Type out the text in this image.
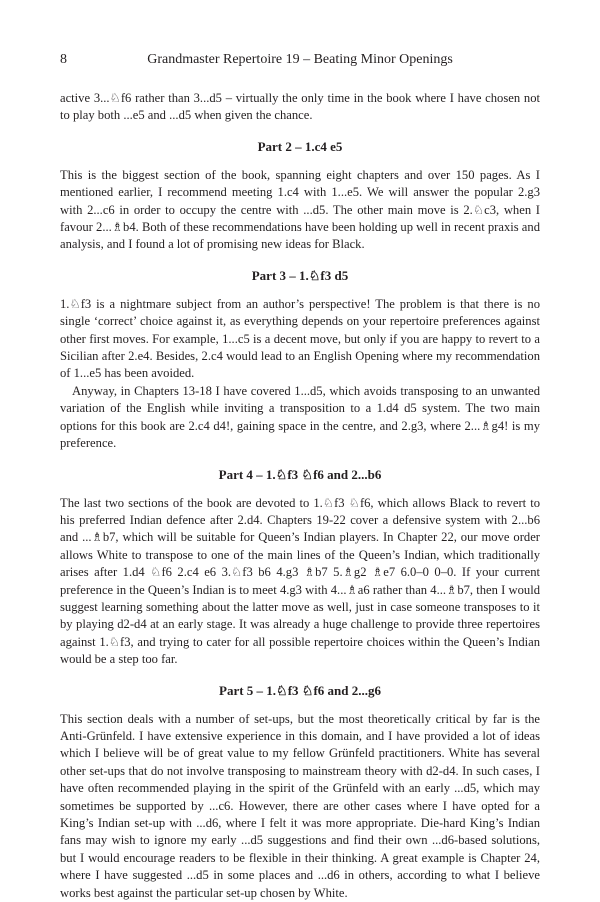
8	Grandmaster Repertoire 19 – Beating Minor Openings

active 3...♘f6 rather than 3...d5 – virtually the only time in the book where I have chosen not to play both ...e5 and ...d5 when given the chance.

Part 2 – 1.c4 e5

This is the biggest section of the book, spanning eight chapters and over 150 pages. As I mentioned earlier, I recommend meeting 1.c4 with 1...e5. We will answer the popular 2.g3 with 2...c6 in order to occupy the centre with ...d5. The other main move is 2.♘c3, when I favour 2...♗b4. Both of these recommendations have been holding up well in recent praxis and analysis, and I found a lot of promising new ideas for Black.

Part 3 – 1.♘f3 d5

1.♘f3 is a nightmare subject from an author’s perspective! The problem is that there is no single ‘correct’ choice against it, as everything depends on your repertoire preferences against other first moves. For example, 1...c5 is a decent move, but only if you are happy to revert to a Sicilian after 2.e4. Besides, 2.c4 would lead to an English Opening where my recommendation of 1...e5 has been avoided.

Anyway, in Chapters 13-18 I have covered 1...d5, which avoids transposing to an unwanted variation of the English while inviting a transposition to a 1.d4 d5 system. The two main options for this book are 2.c4 d4!, gaining space in the centre, and 2.g3, where 2...♗g4! is my preference.

Part 4 – 1.♘f3 ♘f6 and 2...b6

The last two sections of the book are devoted to 1.♘f3 ♘f6, which allows Black to revert to his preferred Indian defence after 2.d4. Chapters 19-22 cover a defensive system with 2...b6 and ...♗b7, which will be suitable for Queen’s Indian players. In Chapter 22, our move order allows White to transpose to one of the main lines of the Queen’s Indian, which traditionally arises after 1.d4 ♘f6 2.c4 e6 3.♘f3 b6 4.g3 ♗b7 5.♗g2 ♗e7 6.0–0 0–0. If your current preference in the Queen’s Indian is to meet 4.g3 with 4...♗a6 rather than 4...♗b7, then I would suggest learning something about the latter move as well, just in case someone transposes to it by playing d2-d4 at an early stage. It was already a huge challenge to provide three repertoires against 1.♘f3, and trying to cater for all possible repertoire choices within the Queen’s Indian would be a step too far.

Part 5 – 1.♘f3 ♘f6 and 2...g6

This section deals with a number of set-ups, but the most theoretically critical by far is the Anti-Grünfeld. I have extensive experience in this domain, and I have provided a lot of ideas which I believe will be of great value to my fellow Grünfeld practitioners. White has several other set-ups that do not involve transposing to mainstream theory with d2-d4. In such cases, I have often recommended playing in the spirit of the Grünfeld with an early ...d5, which may sometimes be supported by ...c6. However, there are other cases where I have opted for a King’s Indian set-up with ...d6, where I felt it was more appropriate. Die-hard King’s Indian fans may wish to ignore my early ...d5 suggestions and find their own ...d6-based solutions, but I would encourage readers to be flexible in their thinking. A great example is Chapter 24, where I have suggested ...d5 in some places and ...d6 in others, according to what I believe works best against the particular set-up chosen by White.
